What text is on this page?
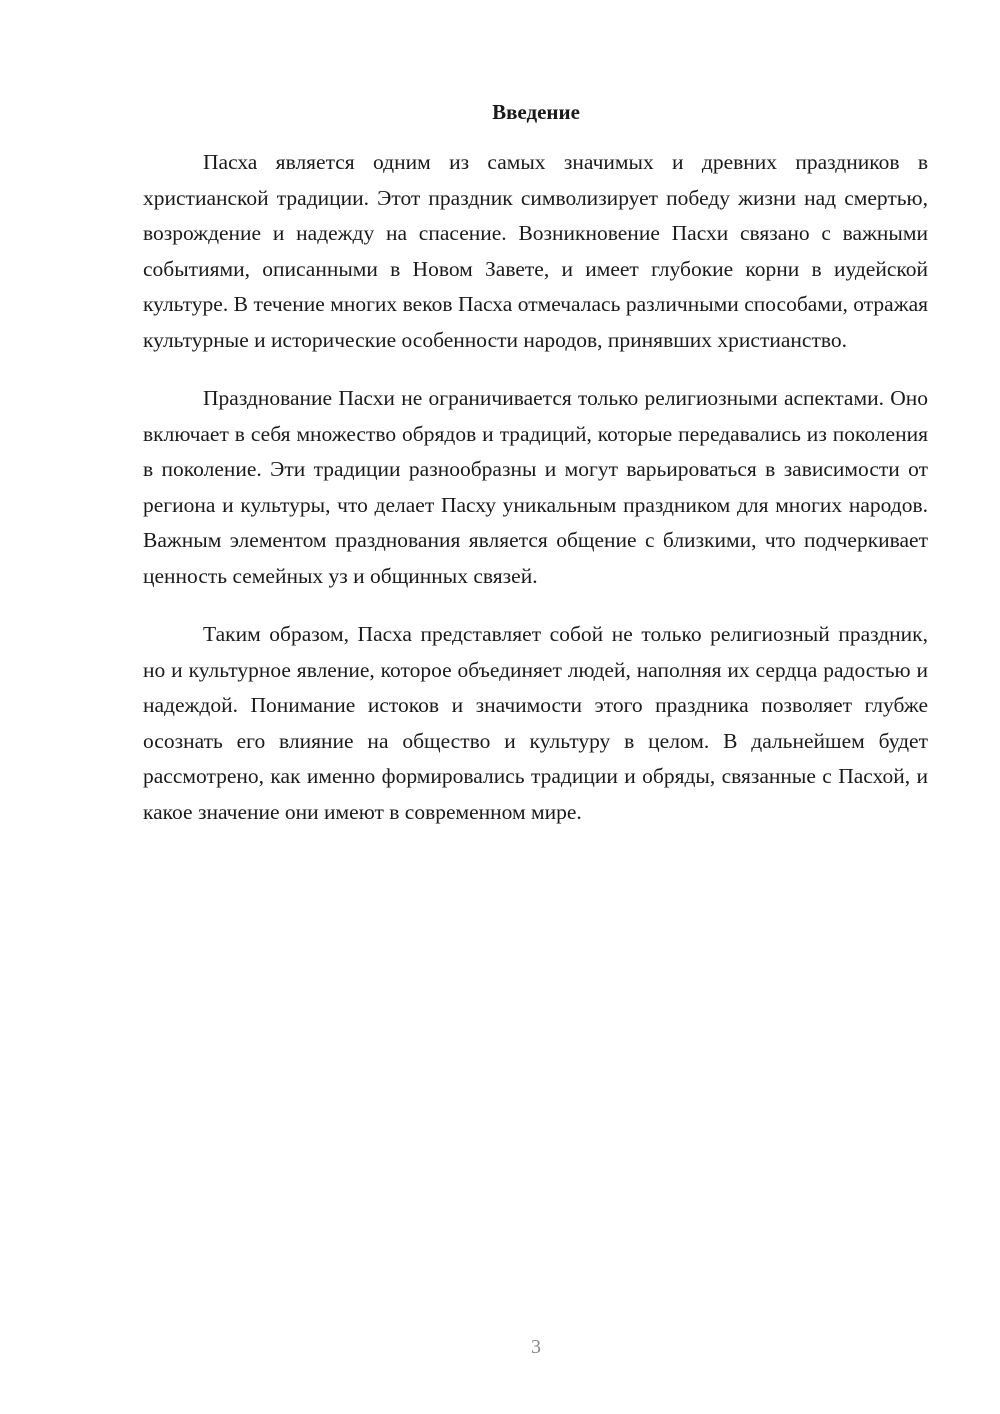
Введение

Пасха является одним из самых значимых и древних праздников в христианской традиции. Этот праздник символизирует победу жизни над смертью, возрождение и надежду на спасение. Возникновение Пасхи связано с важными событиями, описанными в Новом Завете, и имеет глубокие корни в иудейской культуре. В течение многих веков Пасха отмечалась различными способами, отражая культурные и исторические особенности народов, принявших христианство.

Празднование Пасхи не ограничивается только религиозными аспектами. Оно включает в себя множество обрядов и традиций, которые передавались из поколения в поколение. Эти традиции разнообразны и могут варьироваться в зависимости от региона и культуры, что делает Пасху уникальным праздником для многих народов. Важным элементом празднования является общение с близкими, что подчеркивает ценность семейных уз и общинных связей.

Таким образом, Пасха представляет собой не только религиозный праздник, но и культурное явление, которое объединяет людей, наполняя их сердца радостью и надеждой. Понимание истоков и значимости этого праздника позволяет глубже осознать его влияние на общество и культуру в целом. В дальнейшем будет рассмотрено, как именно формировались традиции и обряды, связанные с Пасхой, и какое значение они имеют в современном мире.

3
